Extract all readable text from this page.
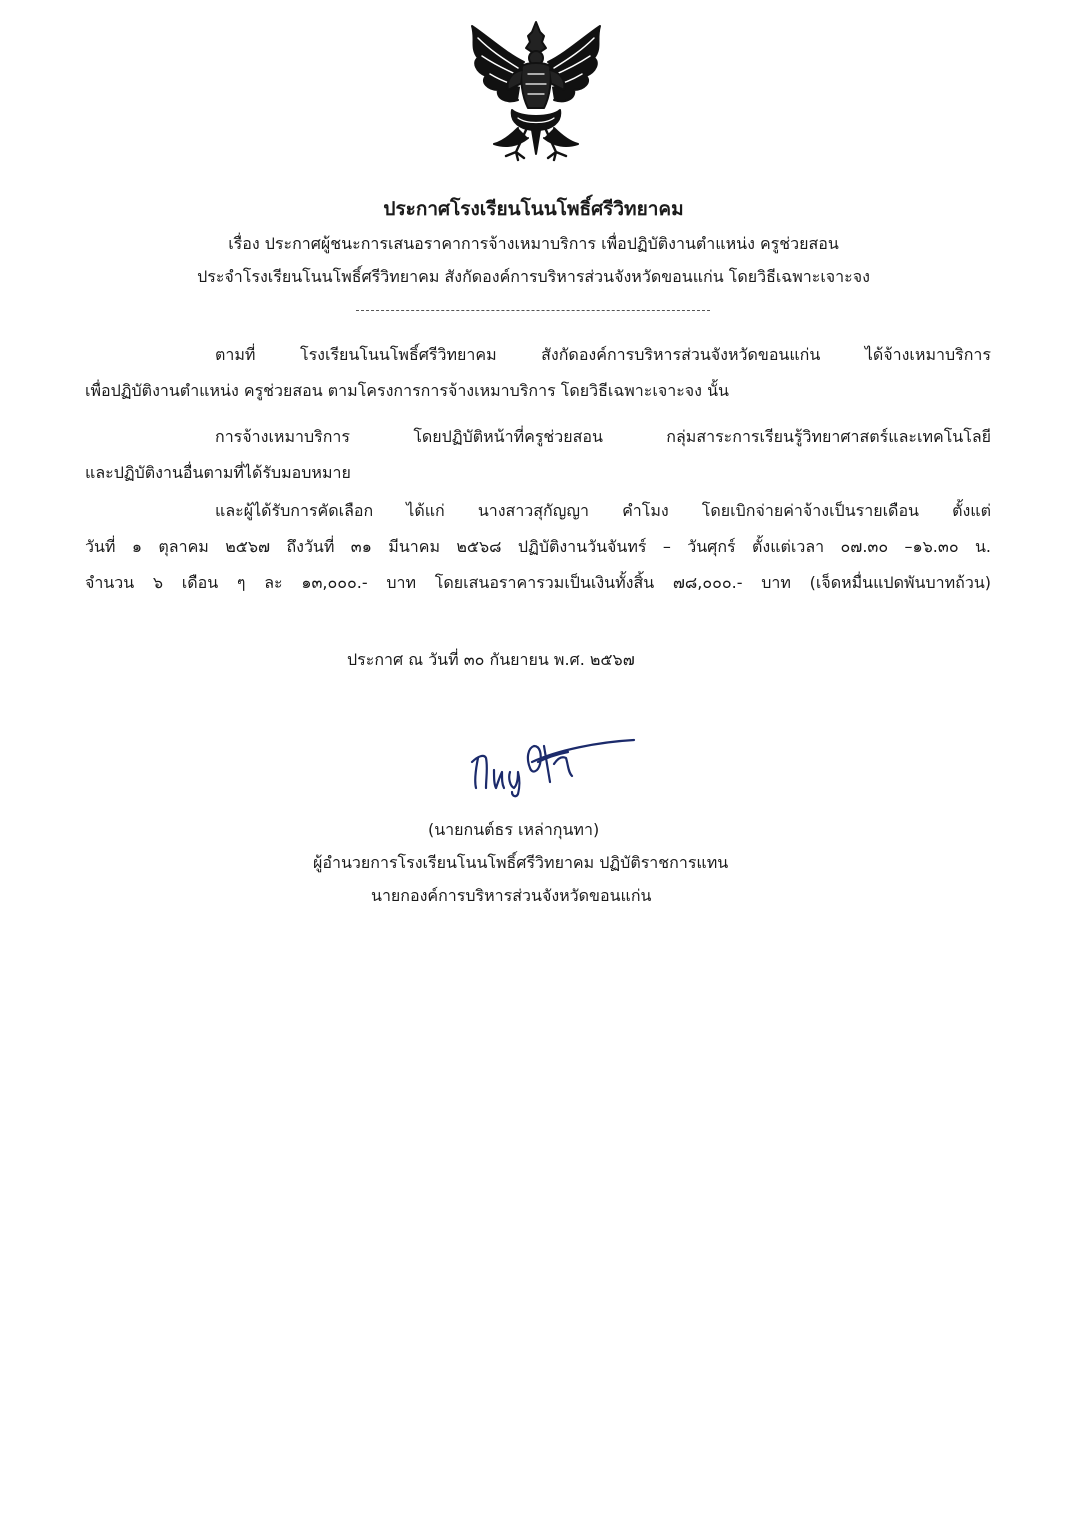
ประกาศโรงเรียนโนนโพธิ์ศรีวิทยาคม
เรื่อง ประกาศผู้ชนะการเสนอราคาการจ้างเหมาบริการ เพื่อปฏิบัติงานตำแหน่ง ครูช่วยสอน
ประจำโรงเรียนโนนโพธิ์ศรีวิทยาคม สังกัดองค์การบริหารส่วนจังหวัดขอนแก่น โดยวิธีเฉพาะเจาะจง
ตามที่ โรงเรียนโนนโพธิ์ศรีวิทยาคม สังกัดองค์การบริหารส่วนจังหวัดขอนแก่น ได้จ้างเหมาบริการ
เพื่อปฏิบัติงานตำแหน่ง ครูช่วยสอน ตามโครงการการจ้างเหมาบริการ โดยวิธีเฉพาะเจาะจง นั้น
การจ้างเหมาบริการ โดยปฏิบัติหน้าที่ครูช่วยสอน กลุ่มสาระการเรียนรู้วิทยาศาสตร์และเทคโนโลยี
และปฏิบัติงานอื่นตามที่ได้รับมอบหมาย
และผู้ได้รับการคัดเลือก ได้แก่ นางสาวสุกัญญา คำโมง โดยเบิกจ่ายค่าจ้างเป็นรายเดือน ตั้งแต่
วันที่ ๑ ตุลาคม ๒๕๖๗ ถึงวันที่ ๓๑ มีนาคม ๒๕๖๘ ปฏิบัติงานวันจันทร์ – วันศุกร์ ตั้งแต่เวลา ๐๗.๓๐ –๑๖.๓๐ น.
จำนวน ๖ เดือน ๆ ละ ๑๓,๐๐๐.- บาท โดยเสนอราคารวมเป็นเงินทั้งสิ้น ๗๘,๐๐๐.- บาท (เจ็ดหมื่นแปดพันบาทถ้วน)
ประกาศ ณ วันที่ ๓๐ กันยายน พ.ศ. ๒๕๖๗
(นายกนต์ธร เหล่ากุนทา)
ผู้อำนวยการโรงเรียนโนนโพธิ์ศรีวิทยาคม ปฏิบัติราชการแทน
นายกองค์การบริหารส่วนจังหวัดขอนแก่น
